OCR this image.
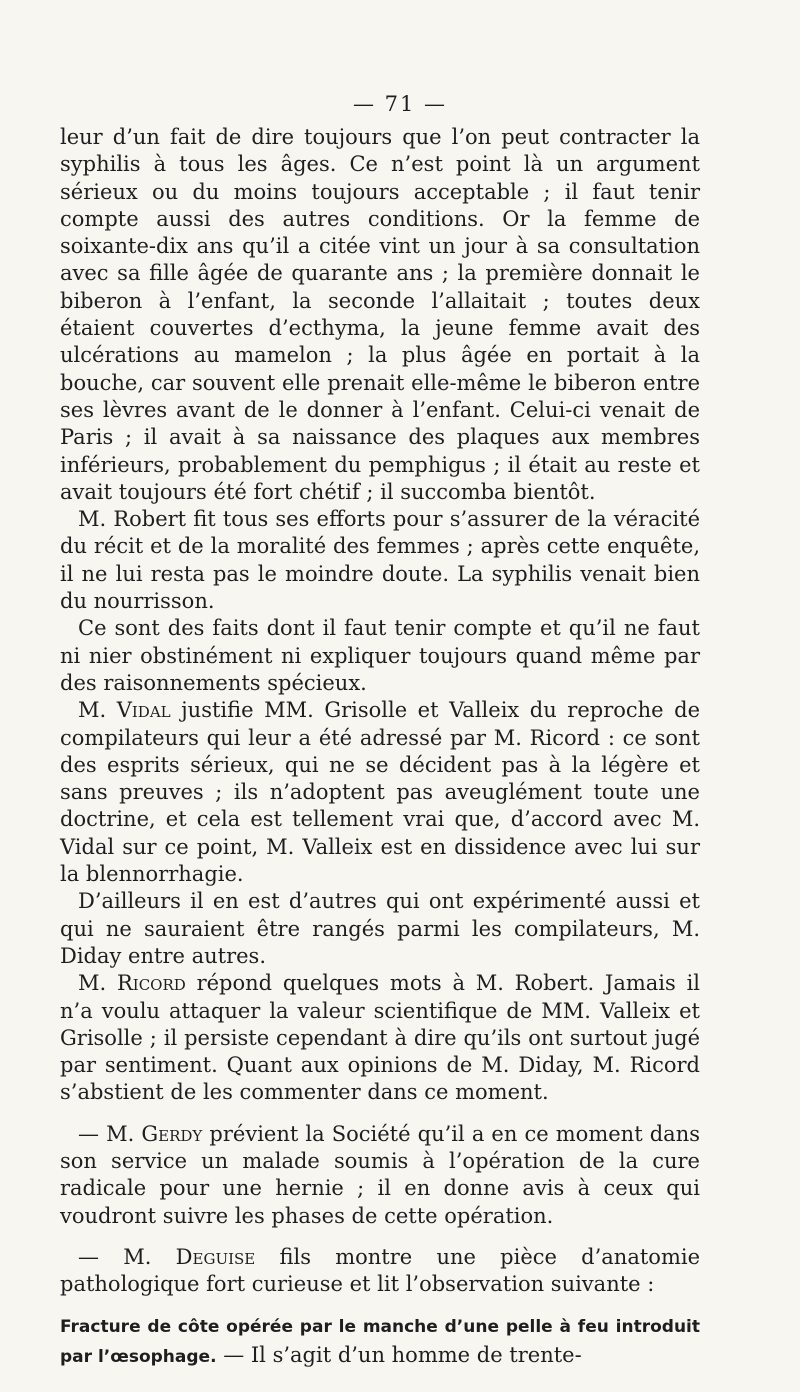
— 71 —

leur d’un fait de dire toujours que l’on peut contracter la syphilis à tous les âges. Ce n’est point là un argument sérieux ou du moins toujours acceptable ; il faut tenir compte aussi des autres conditions. Or la femme de soixante-dix ans qu’il a citée vint un jour à sa consultation avec sa fille âgée de quarante ans ; la première donnait le biberon à l’enfant, la seconde l’allaitait ; toutes deux étaient couvertes d’ecthyma, la jeune femme avait des ulcérations au mamelon ; la plus âgée en portait à la bouche, car souvent elle prenait elle-même le biberon entre ses lèvres avant de le donner à l’enfant. Celui-ci venait de Paris ; il avait à sa naissance des plaques aux membres inférieurs, probablement du pemphigus ; il était au reste et avait toujours été fort chétif ; il succomba bientôt.

M. Robert fit tous ses efforts pour s’assurer de la véracité du récit et de la moralité des femmes ; après cette enquête, il ne lui resta pas le moindre doute. La syphilis venait bien du nourrisson.

Ce sont des faits dont il faut tenir compte et qu’il ne faut ni nier obstinément ni expliquer toujours quand même par des raisonnements spécieux.

M. Vidal justifie MM. Grisolle et Valleix du reproche de compilateurs qui leur a été adressé par M. Ricord : ce sont des esprits sérieux, qui ne se décident pas à la légère et sans preuves ; ils n’adoptent pas aveuglément toute une doctrine, et cela est tellement vrai que, d’accord avec M. Vidal sur ce point, M. Valleix est en dissidence avec lui sur la blennorrhagie.

D’ailleurs il en est d’autres qui ont expérimenté aussi et qui ne sauraient être rangés parmi les compilateurs, M. Diday entre autres.

M. Ricord répond quelques mots à M. Robert. Jamais il n’a voulu attaquer la valeur scientifique de MM. Valleix et Grisolle ; il persiste cependant à dire qu’ils ont surtout jugé par sentiment. Quant aux opinions de M. Diday, M. Ricord s’abstient de les commenter dans ce moment.

— M. Gerdy prévient la Société qu’il a en ce moment dans son service un malade soumis à l’opération de la cure radicale pour une hernie ; il en donne avis à ceux qui voudront suivre les phases de cette opération.

— M. Deguise fils montre une pièce d’anatomie pathologique fort curieuse et lit l’observation suivante :

Fracture de côte opérée par le manche d’une pelle à feu introduit par l’œsophage. — Il s’agit d’un homme de trente-
